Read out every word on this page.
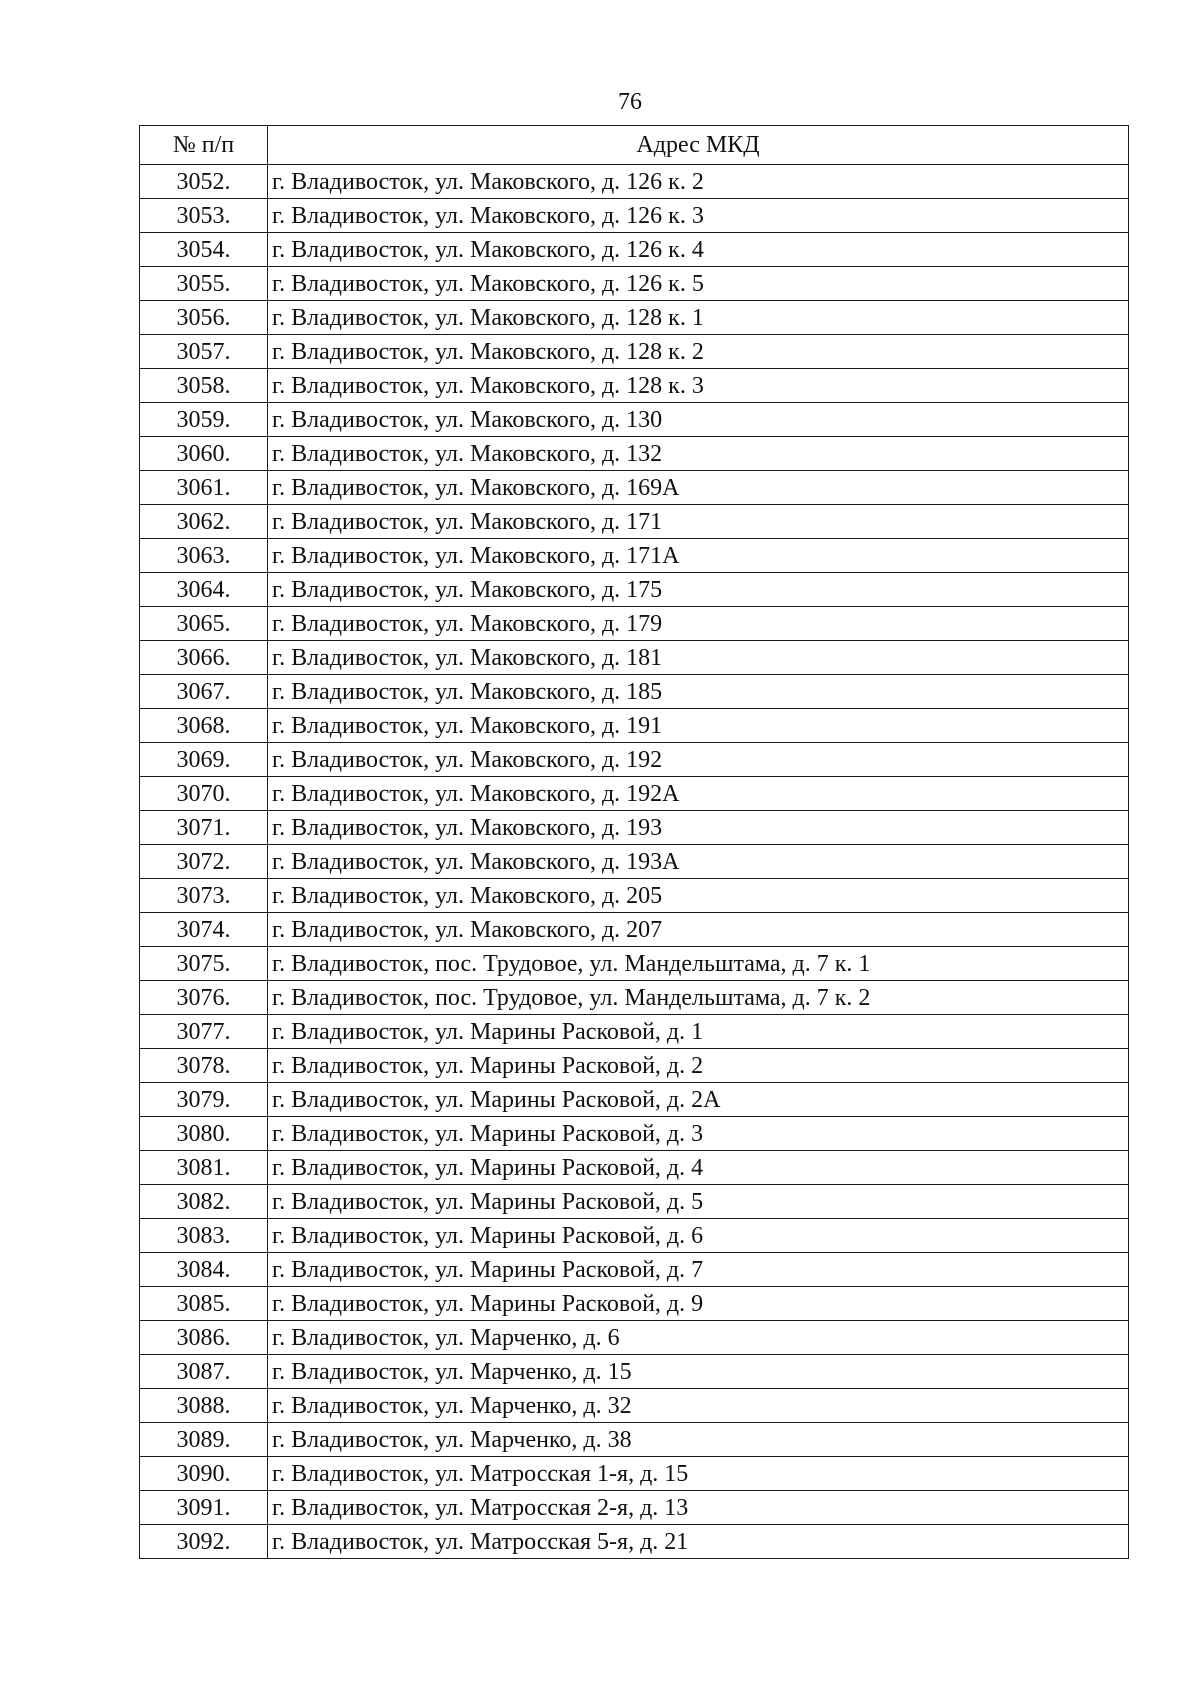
76
№ п/п	Адрес МКД
3052.	г. Владивосток, ул. Маковского, д. 126 к. 2
3053.	г. Владивосток, ул. Маковского, д. 126 к. 3
3054.	г. Владивосток, ул. Маковского, д. 126 к. 4
3055.	г. Владивосток, ул. Маковского, д. 126 к. 5
3056.	г. Владивосток, ул. Маковского, д. 128 к. 1
3057.	г. Владивосток, ул. Маковского, д. 128 к. 2
3058.	г. Владивосток, ул. Маковского, д. 128 к. 3
3059.	г. Владивосток, ул. Маковского, д. 130
3060.	г. Владивосток, ул. Маковского, д. 132
3061.	г. Владивосток, ул. Маковского, д. 169А
3062.	г. Владивосток, ул. Маковского, д. 171
3063.	г. Владивосток, ул. Маковского, д. 171А
3064.	г. Владивосток, ул. Маковского, д. 175
3065.	г. Владивосток, ул. Маковского, д. 179
3066.	г. Владивосток, ул. Маковского, д. 181
3067.	г. Владивосток, ул. Маковского, д. 185
3068.	г. Владивосток, ул. Маковского, д. 191
3069.	г. Владивосток, ул. Маковского, д. 192
3070.	г. Владивосток, ул. Маковского, д. 192А
3071.	г. Владивосток, ул. Маковского, д. 193
3072.	г. Владивосток, ул. Маковского, д. 193А
3073.	г. Владивосток, ул. Маковского, д. 205
3074.	г. Владивосток, ул. Маковского, д. 207
3075.	г. Владивосток, пос. Трудовое, ул. Мандельштама, д. 7 к. 1
3076.	г. Владивосток, пос. Трудовое, ул. Мандельштама, д. 7 к. 2
3077.	г. Владивосток, ул. Марины Расковой, д. 1
3078.	г. Владивосток, ул. Марины Расковой, д. 2
3079.	г. Владивосток, ул. Марины Расковой, д. 2А
3080.	г. Владивосток, ул. Марины Расковой, д. 3
3081.	г. Владивосток, ул. Марины Расковой, д. 4
3082.	г. Владивосток, ул. Марины Расковой, д. 5
3083.	г. Владивосток, ул. Марины Расковой, д. 6
3084.	г. Владивосток, ул. Марины Расковой, д. 7
3085.	г. Владивосток, ул. Марины Расковой, д. 9
3086.	г. Владивосток, ул. Марченко, д. 6
3087.	г. Владивосток, ул. Марченко, д. 15
3088.	г. Владивосток, ул. Марченко, д. 32
3089.	г. Владивосток, ул. Марченко, д. 38
3090.	г. Владивосток, ул. Матросская 1-я, д. 15
3091.	г. Владивосток, ул. Матросская 2-я, д. 13
3092.	г. Владивосток, ул. Матросская 5-я, д. 21
